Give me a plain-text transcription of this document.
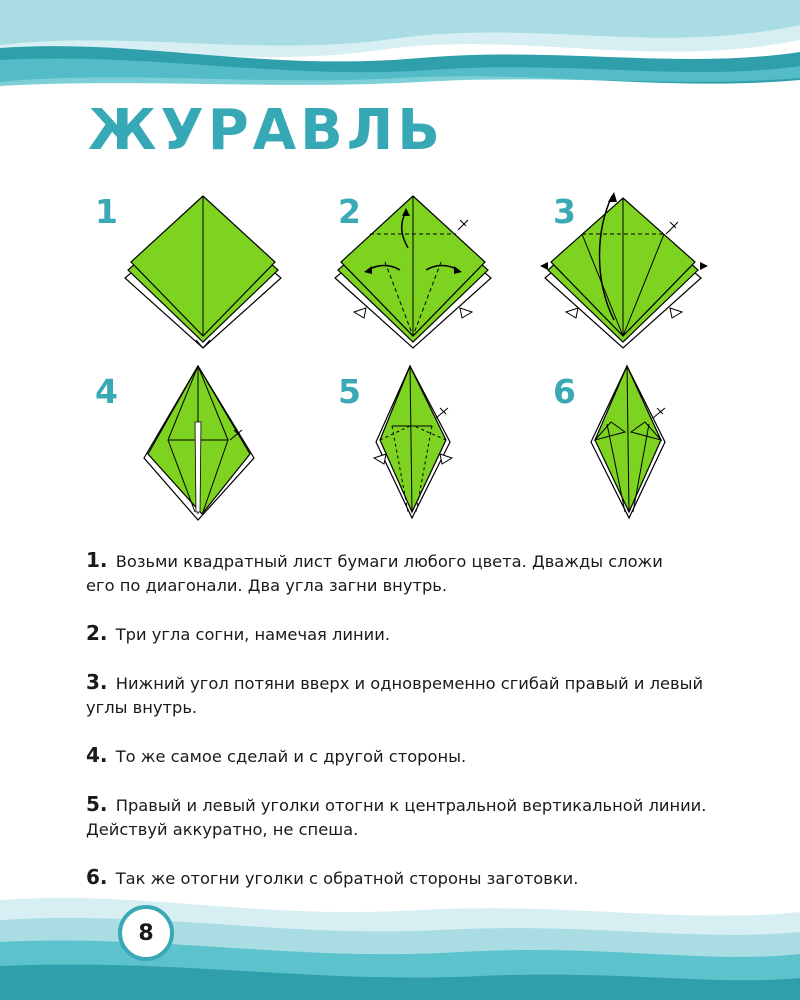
ЖУРАВЛЬ
1	2	3
4	5	6

1. Возьми квадратный лист бумаги любого цвета. Дважды сложи его по диагонали. Два угла загни внутрь.

2. Три угла согни, намечая линии.

3. Нижний угол потяни вверх и одновременно сгибай правый и левый углы внутрь.

4. То же самое сделай и с другой стороны.

5. Правый и левый уголки отогни к центральной вертикальной линии. Действуй аккуратно, не спеша.

6. Так же отогни уголки с обратной стороны заготовки.

8
